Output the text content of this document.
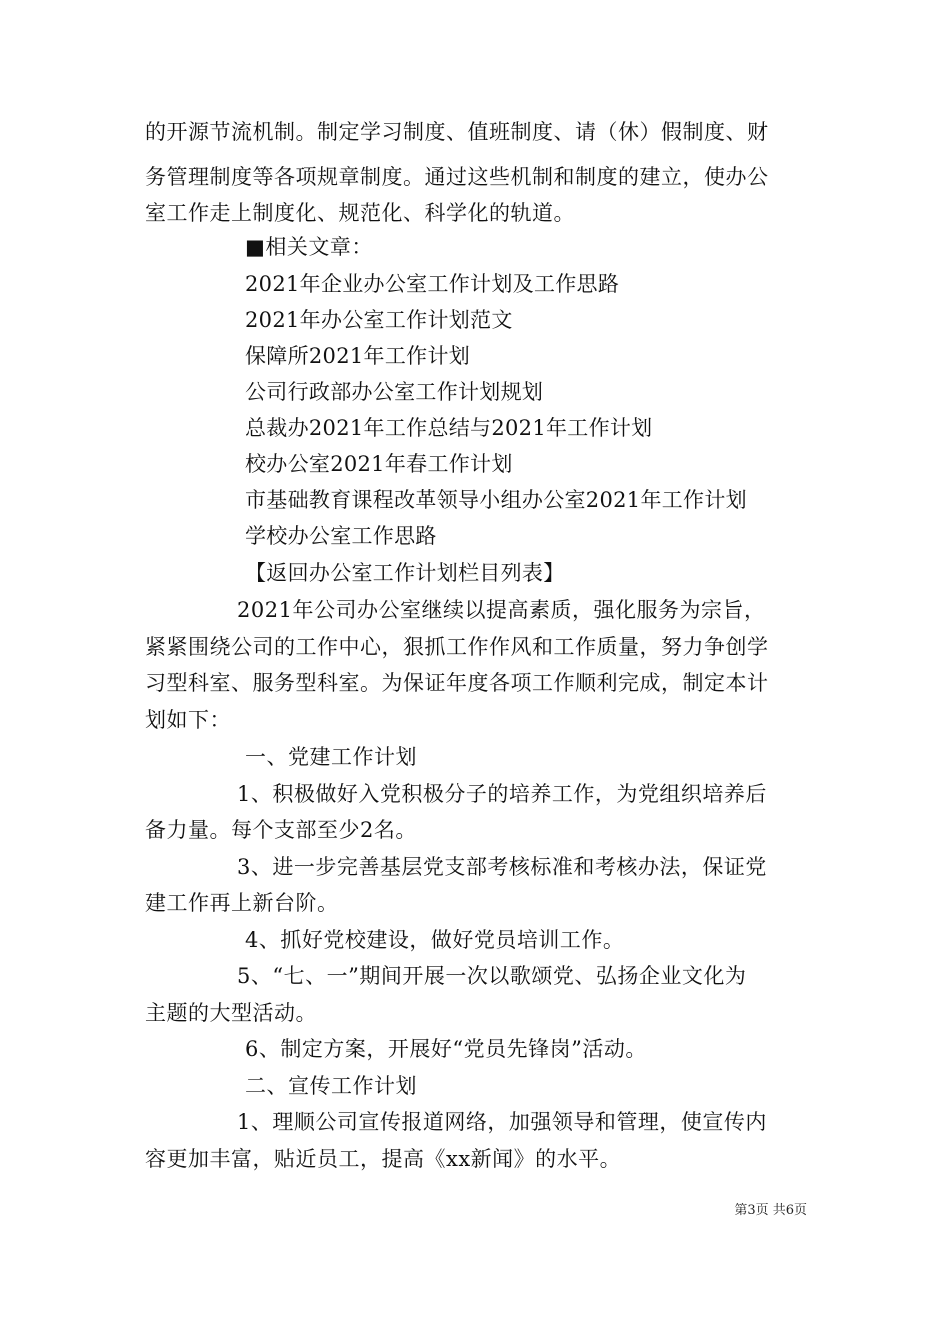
的开源节流机制。制定学习制度、值班制度、请（休）假制度、财
务管理制度等各项规章制度。通过这些机制和制度的建立，使办公
室工作走上制度化、规范化、科学化的轨道。
■相关文章：
2021年企业办公室工作计划及工作思路
2021年办公室工作计划范文
保障所2021年工作计划
公司行政部办公室工作计划规划
总裁办2021年工作总结与2021年工作计划
校办公室2021年春工作计划
市基础教育课程改革领导小组办公室2021年工作计划
学校办公室工作思路
【返回办公室工作计划栏目列表】
2021年公司办公室继续以提高素质，强化服务为宗旨，
紧紧围绕公司的工作中心，狠抓工作作风和工作质量，努力争创学
习型科室、服务型科室。为保证年度各项工作顺利完成，制定本计
划如下：
一、党建工作计划
1、积极做好入党积极分子的培养工作，为党组织培养后
备力量。每个支部至少2名。
3、进一步完善基层党支部考核标准和考核办法，保证党
建工作再上新台阶。
4、抓好党校建设，做好党员培训工作。
5、“七、一”期间开展一次以歌颂党、弘扬企业文化为
主题的大型活动。
6、制定方案，开展好“党员先锋岗”活动。
二、宣传工作计划
1、理顺公司宣传报道网络，加强领导和管理，使宣传内
容更加丰富，贴近员工，提高《xx新闻》的水平。
第3页 共6页
